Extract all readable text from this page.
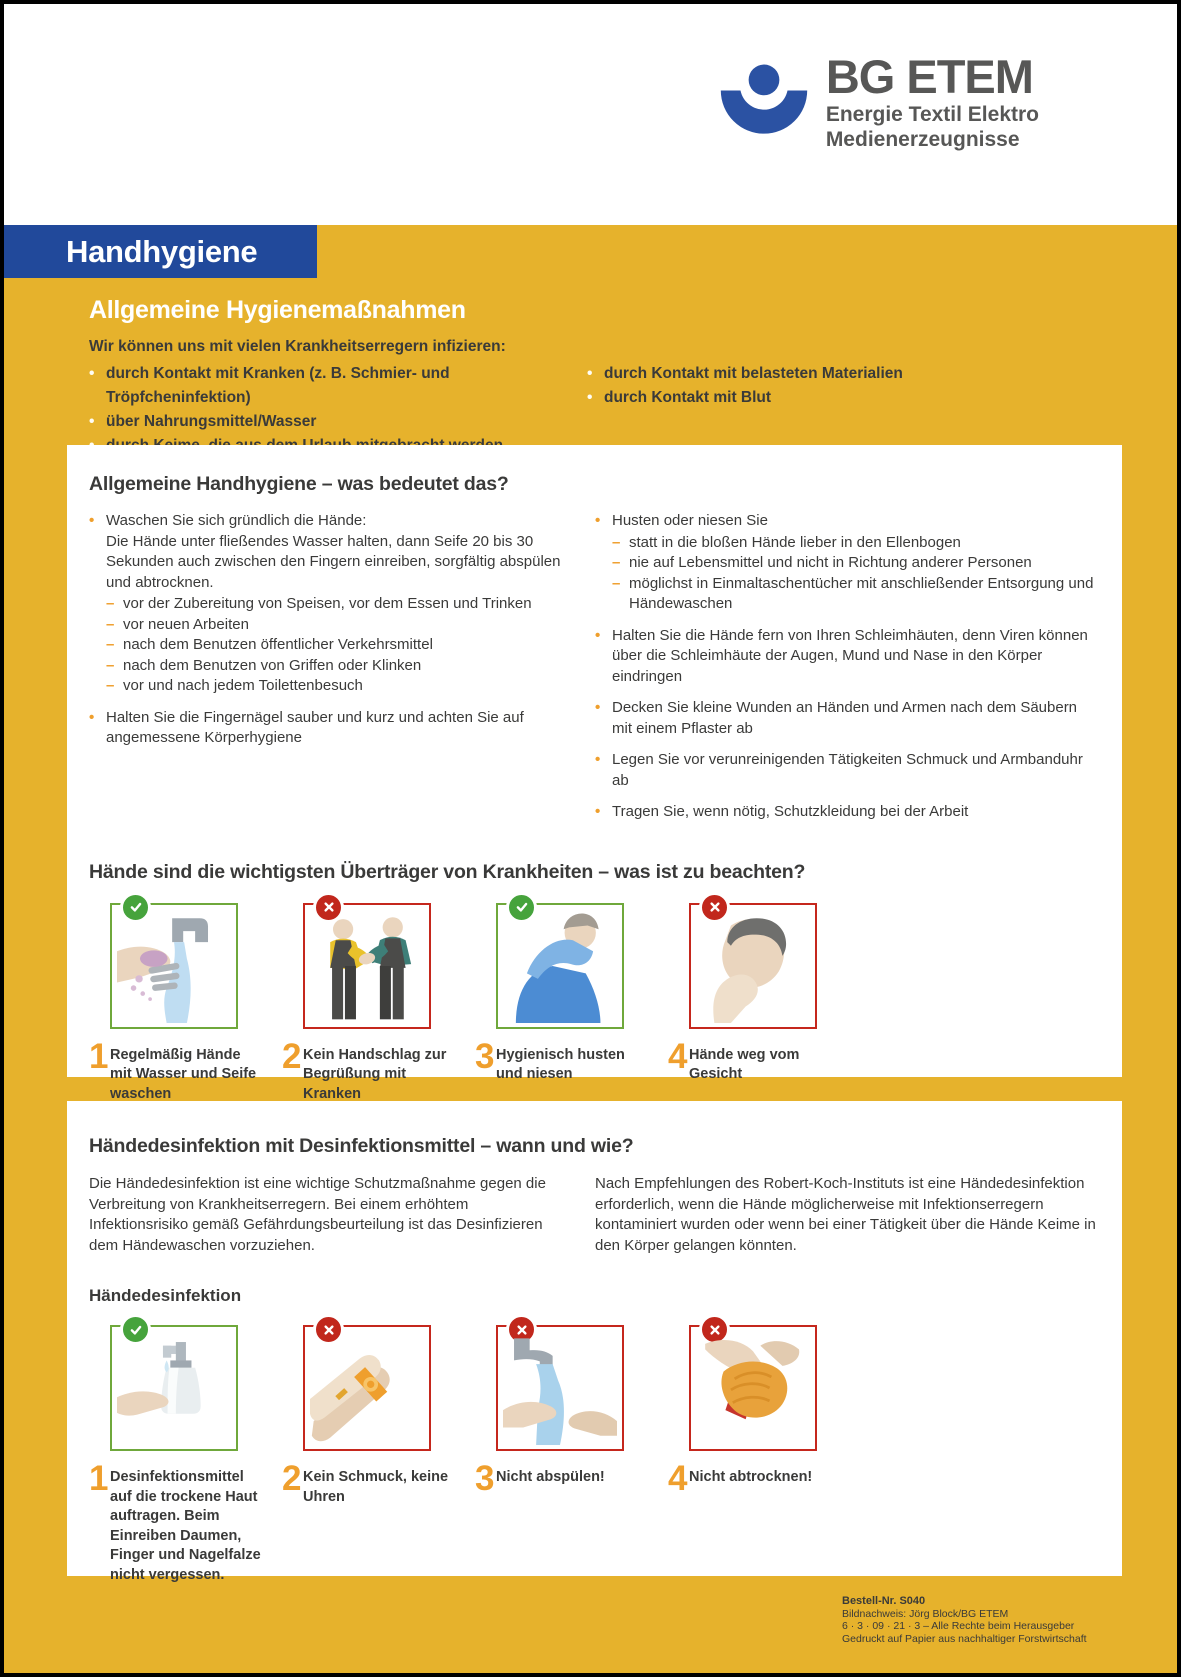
BG ETEM
Energie Textil Elektro
Medienerzeugnisse
Handhygiene
Allgemeine Hygienemaßnahmen
Wir können uns mit vielen Krankheitserregern infizieren:
• durch Kontakt mit Kranken (z. B. Schmier- und Tröpfcheninfektion)
• über Nahrungsmittel/Wasser
•
• durch Kontakt mit belasteten Materialien
• durch Kontakt mit Blut
Allgemeine Handhygiene – was bedeutet das?
• Waschen Sie sich gründlich die Hände:
Die Hände unter fließendes Wasser halten, dann Seife 20 bis 30 Sekunden auch zwischen den Fingern einreiben, sorgfältig abspülen und abtrocknen.
– vor der Zubereitung von Speisen, vor dem Essen und Trinken
– vor neuen Arbeiten
– nach dem Benutzen öffentlicher Verkehrsmittel
– nach dem Benutzen von Griffen oder Klinken
– vor und nach jedem Toilettenbesuch
• Halten Sie die Fingernägel sauber und kurz und achten Sie auf angemessene Körperhygiene
• Husten oder niesen Sie
– statt in die bloßen Hände lieber in den Ellenbogen
– nie auf Lebensmittel und nicht in Richtung anderer Personen
– möglichst in Einmaltaschentücher mit anschließender Entsorgung und Händewaschen
• Halten Sie die Hände fern von Ihren Schleimhäuten, denn Viren können über die Schleimhäute der Augen, Mund und Nase in den Körper eindringen
• Decken Sie kleine Wunden an Händen und Armen nach dem Säubern mit einem Pflaster ab
• Legen Sie vor verunreinigenden Tätigkeiten Schmuck und Armbanduhr ab
• Tragen Sie, wenn nötig, Schutzkleidung bei der Arbeit
Hände sind die wichtigsten Überträger von Krankheiten – was ist zu beachten?
1 Regelmäßig Hände mit Wasser und Seife waschen
2 Kein Handschlag zur Begrüßung mit Kranken
3 Hygienisch husten und niesen	4 Hände weg vom Gesicht
Händedesinfektion mit Desinfektionsmittel – wann und wie?
Die Händedesinfektion ist eine wichtige Schutzmaßnahme gegen die Verbreitung von Krankheitserregern. Bei einem erhöhtem Infektionsrisiko gemäß Gefährdungsbeurteilung ist das Desinfizieren dem Händewaschen vorzuziehen.
Nach Empfehlungen des Robert-Koch-Instituts ist eine Händedesinfektion erforderlich, wenn die Hände möglicherweise mit Infektionserregern kontaminiert wurden oder wenn bei einer Tätigkeit über die Hände Keime in den Körper gelangen könnten.
Händedesinfektion
1 Desinfektionsmittel auf die trockene Haut auftragen. Beim Einreiben Daumen, Finger und Nagelfalze nicht vergessen.
2 Kein Schmuck, keine Uhren	3 Nicht abspülen! 4 Nicht abtrocknen!
Bestell-Nr. S040
Bildnachweis: Jörg Block/BG ETEM
6 · 3 · 09 · 21 · 3 – Alle Rechte beim Herausgeber
Gedruckt auf Papier aus nachhaltiger Forstwirtschaft
